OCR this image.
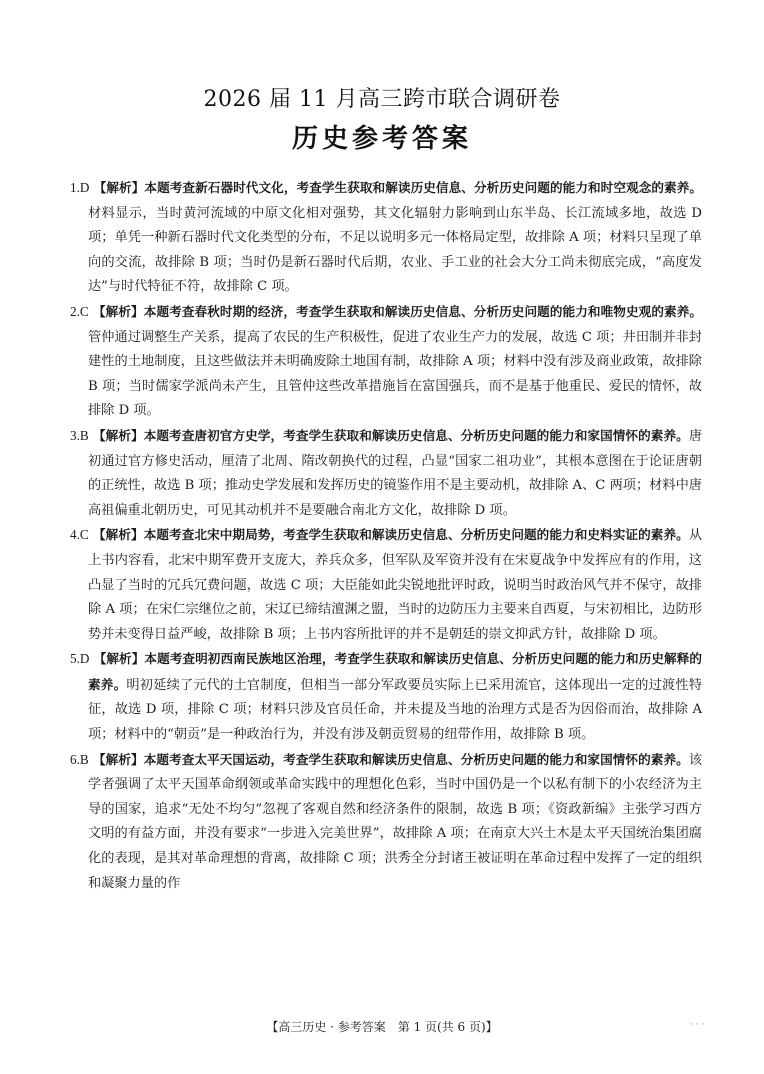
2026 届 11 月高三跨市联合调研卷
历史参考答案

1.D 【解析】本题考查新石器时代文化，考查学生获取和解读历史信息、分析历史问题的能力和时空观念的素养。材料显示，当时黄河流域的中原文化相对强势，其文化辐射力影响到山东半岛、长江流域多地，故选 D 项；单凭一种新石器时代文化类型的分布，不足以说明多元一体格局定型，故排除 A 项；材料只呈现了单向的交流，故排除 B 项；当时仍是新石器时代后期，农业、手工业的社会大分工尚未彻底完成，“高度发达”与时代特征不符，故排除 C 项。

2.C 【解析】本题考查春秋时期的经济，考查学生获取和解读历史信息、分析历史问题的能力和唯物史观的素养。管仲通过调整生产关系，提高了农民的生产积极性，促进了农业生产力的发展，故选 C 项；井田制并非封建性的土地制度，且这些做法并未明确废除土地国有制，故排除 A 项；材料中没有涉及商业政策，故排除 B 项；当时儒家学派尚未产生，且管仲这些改革措施旨在富国强兵，而不是基于他重民、爱民的情怀，故排除 D 项。

3.B 【解析】本题考查唐初官方史学，考查学生获取和解读历史信息、分析历史问题的能力和家国情怀的素养。唐初通过官方修史活动，厘清了北周、隋改朝换代的过程，凸显“国家二祖功业”，其根本意图在于论证唐朝的正统性，故选 B 项；推动史学发展和发挥历史的镜鉴作用不是主要动机，故排除 A、C 两项；材料中唐高祖偏重北朝历史，可见其动机并不是要融合南北方文化，故排除 D 项。

4.C 【解析】本题考查北宋中期局势，考查学生获取和解读历史信息、分析历史问题的能力和史料实证的素养。从上书内容看，北宋中期军费开支庞大，养兵众多，但军队及军资并没有在宋夏战争中发挥应有的作用，这凸显了当时的冗兵冗费问题，故选 C 项；大臣能如此尖锐地批评时政，说明当时政治风气并不保守，故排除 A 项；在宋仁宗继位之前，宋辽已缔结澶渊之盟，当时的边防压力主要来自西夏，与宋初相比，边防形势并未变得日益严峻，故排除 B 项；上书内容所批评的并不是朝廷的崇文抑武方针，故排除 D 项。

5.D 【解析】本题考查明初西南民族地区治理，考查学生获取和解读历史信息、分析历史问题的能力和历史解释的素养。明初延续了元代的土官制度，但相当一部分军政要员实际上已采用流官，这体现出一定的过渡性特征，故选 D 项，排除 C 项；材料只涉及官员任命，并未提及当地的治理方式是否为因俗而治，故排除 A 项；材料中的“朝贡”是一种政治行为，并没有涉及朝贡贸易的纽带作用，故排除 B 项。

6.B 【解析】本题考查太平天国运动，考查学生获取和解读历史信息、分析历史问题的能力和家国情怀的素养。该学者强调了太平天国革命纲领或革命实践中的理想化色彩，当时中国仍是一个以私有制下的小农经济为主导的国家，追求“无处不均匀”忽视了客观自然和经济条件的限制，故选 B 项；《资政新编》主张学习西方文明的有益方面，并没有要求“一步进入完美世界”，故排除 A 项；在南京大兴土木是太平天国统治集团腐化的表现，是其对革命理想的背离，故排除 C 项；洪秀全分封诸王被证明在革命过程中发挥了一定的组织和凝聚力量的作

【高三历史 · 参考答案　第 1 页(共 6 页)】	· · ·
